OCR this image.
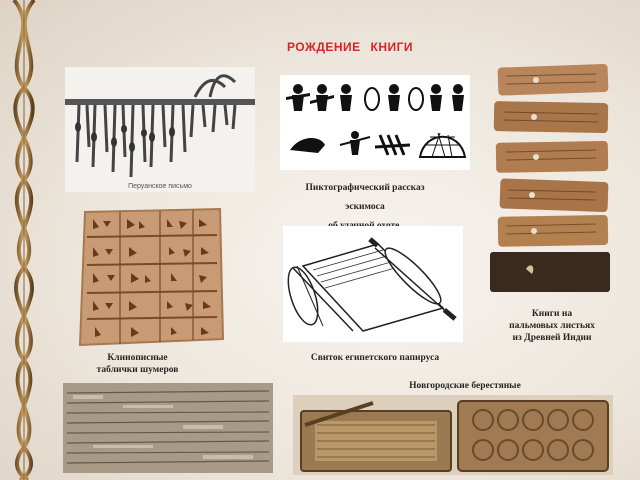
РОЖДЕНИЕ КНИГИ
Перуанское письмо	Пиктографический рассказ
эскимоса
Книги на
пальмовых листьях
из Древней Индии
Клинописные
таблички шумеров
Свиток египетского папируса
Новгородские берестяные
